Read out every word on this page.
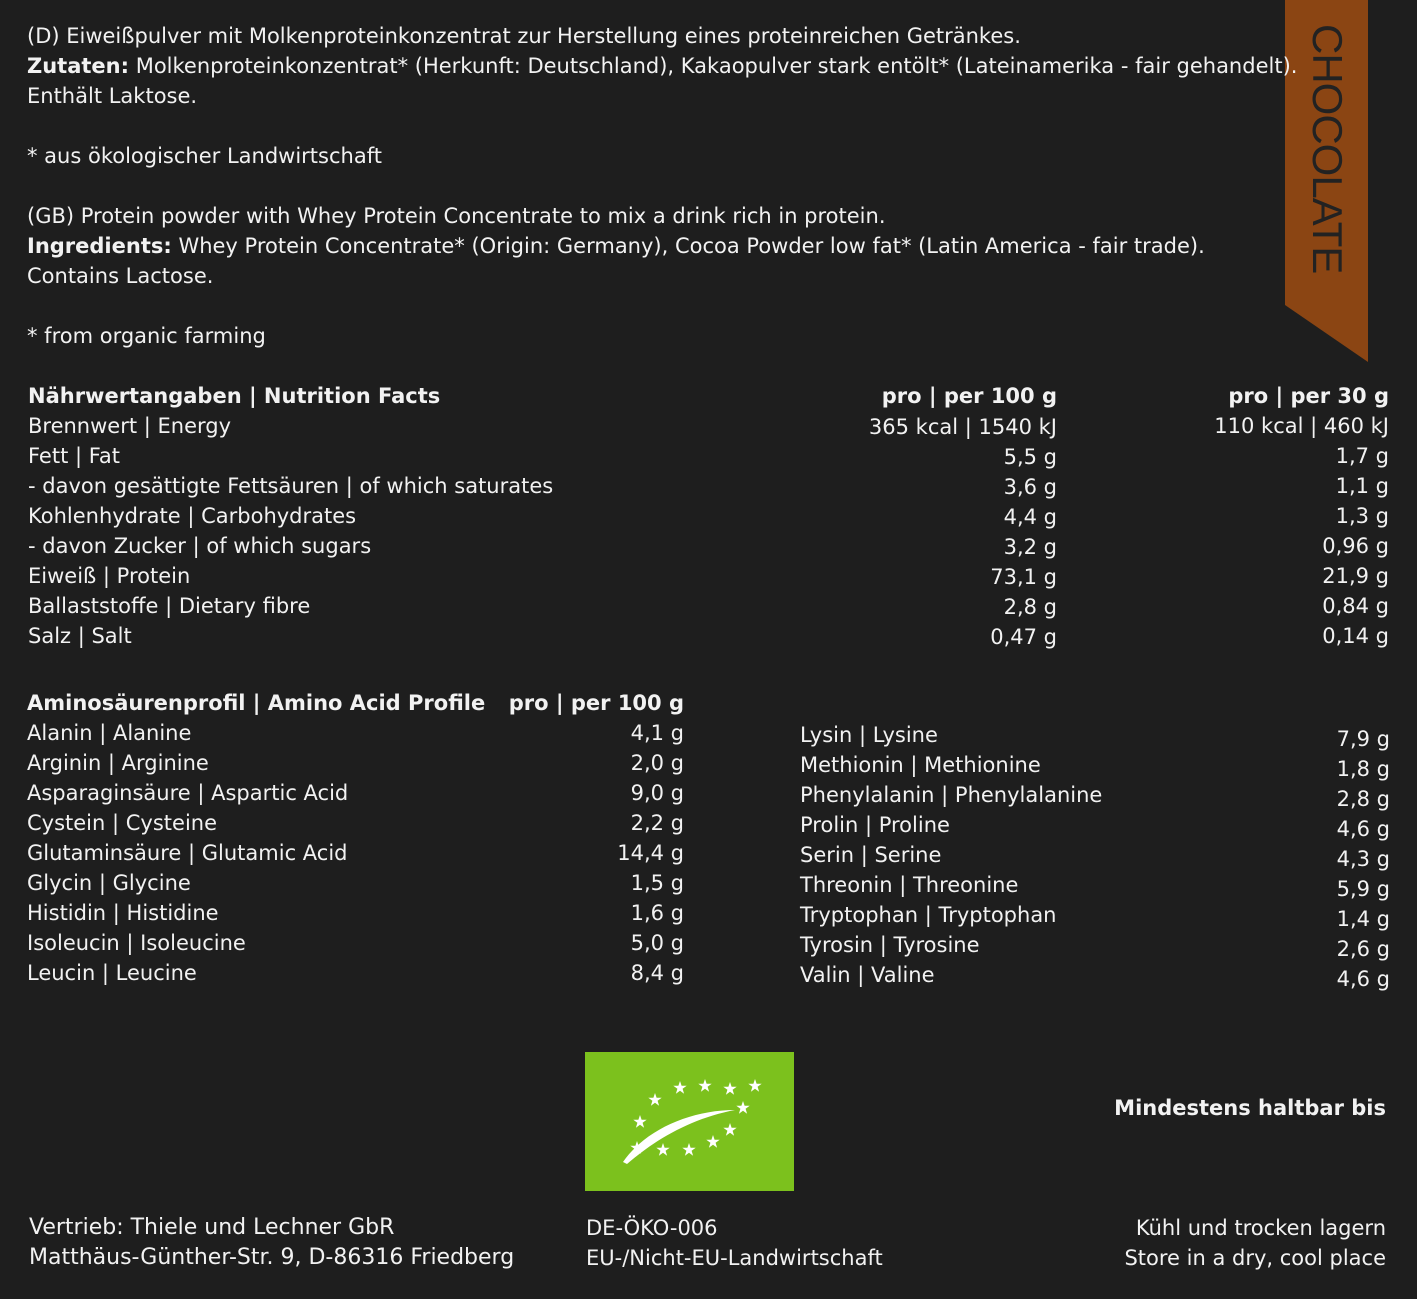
CHOCOLATE
(D) Eiweißpulver mit Molkenproteinkonzentrat zur Herstellung eines proteinreichen Getränkes.
Zutaten: Molkenproteinkonzentrat* (Herkunft: Deutschland), Kakaopulver stark entölt* (Lateinamerika - fair gehandelt).
Enthält Laktose.
* aus ökologischer Landwirtschaft
(GB) Protein powder with Whey Protein Concentrate to mix a drink rich in protein.
Ingredients: Whey Protein Concentrate* (Origin: Germany), Cocoa Powder low fat* (Latin America - fair trade).
Contains Lactose.
* from organic farming
Nährwertangaben | Nutrition Facts	pro | per 100 g	pro | per 30 g
Brennwert | Energy	365 kcal | 1540 kJ	110 kcal | 460 kJ
Fett | Fat	5,5 g	1,7 g
- davon gesättigte Fettsäuren | of which saturates	3,6 g	1,1 g
Kohlenhydrate | Carbohydrates	4,4 g	1,3 g
- davon Zucker | of which sugars	3,2 g	0,96 g
Eiweiß | Protein	73,1 g	21,9 g
Ballaststoffe | Dietary fibre	2,8 g	0,84 g
Salz | Salt	0,47 g	0,14 g
Aminosäurenprofil | Amino Acid Profile pro | per 100 g
Alanin | Alanine	4,1 g
Arginin | Arginine	2,0 g
Asparaginsäure | Aspartic Acid	9,0 g
Cystein | Cysteine	2,2 g
Glutaminsäure | Glutamic Acid	14,4 g
Glycin | Glycine	1,5 g
Histidin | Histidine	1,6 g
Isoleucin | Isoleucine	5,0 g
Leucin | Leucine	8,4 g
Lysin | Lysine	7,9 g
Methionin | Methionine	1,8 g
Phenylalanin | Phenylalanine	2,8 g
Prolin | Proline	4,6 g
Serin | Serine	4,3 g
Threonin | Threonine	5,9 g
Tryptophan | Tryptophan	1,4 g
Tyrosin | Tyrosine	2,6 g
Valin | Valine	4,6 g
Mindestens haltbar bis
Vertrieb: Thiele und Lechner GbR
Matthäus-Günther-Str. 9, D-86316 Friedberg
DE-ÖKO-006
EU-/Nicht-EU-Landwirtschaft
Kühl und trocken lagern
Store in a dry, cool place
